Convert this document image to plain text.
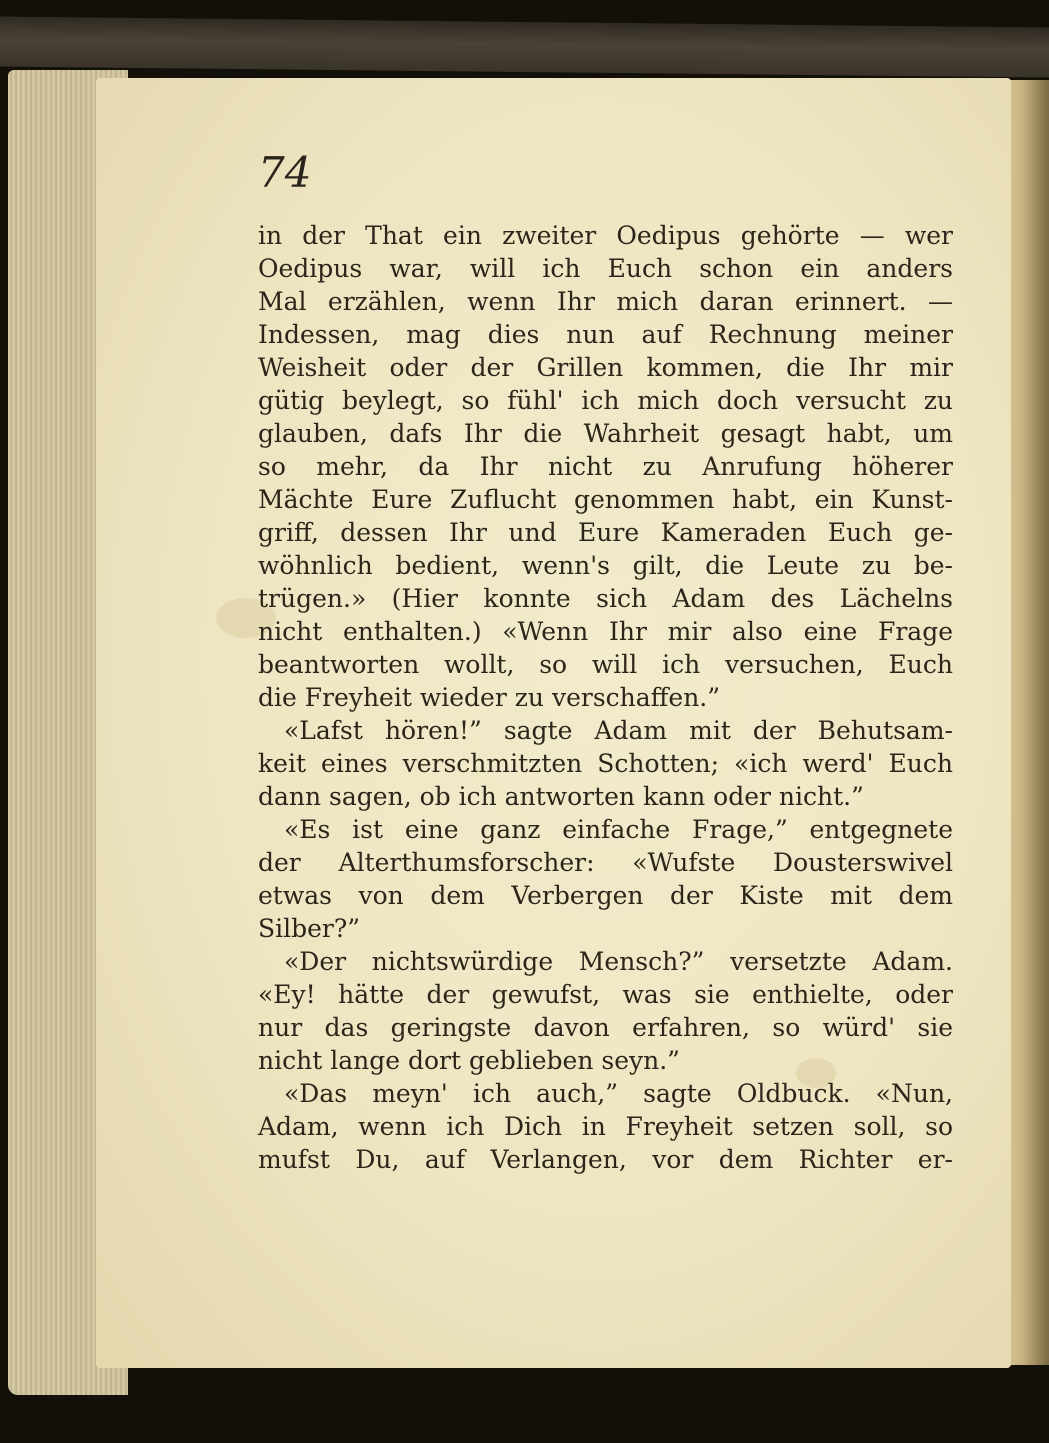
74
in der That ein zweiter Oedipus gehörte — wer
Oedipus war, will ich Euch schon ein anders
Mal erzählen, wenn Ihr mich daran erinnert. —
Indessen, mag dies nun auf Rechnung meiner
Weisheit oder der Grillen kommen, die Ihr mir
gütig beylegt, so fühl' ich mich doch versucht zu
glauben, dafs Ihr die Wahrheit gesagt habt, um
so mehr, da Ihr nicht zu Anrufung höherer
Mächte Eure Zuflucht genommen habt, ein Kunst-
griff, dessen Ihr und Eure Kameraden Euch ge-
wöhnlich bedient, wenn's gilt, die Leute zu be-
trügen.» (Hier konnte sich Adam des Lächelns
nicht enthalten.) «Wenn Ihr mir also eine Frage
beantworten wollt, so will ich versuchen, Euch
die Freyheit wieder zu verschaffen.”
«Lafst hören!” sagte Adam mit der Behutsam-
keit eines verschmitzten Schotten; «ich werd' Euch
dann sagen, ob ich antworten kann oder nicht.”
«Es ist eine ganz einfache Frage,” entgegnete
der Alterthumsforscher: «Wufste Dousterswivel
etwas von dem Verbergen der Kiste mit dem
Silber?”
«Der nichtswürdige Mensch?” versetzte Adam.
«Ey! hätte der gewufst, was sie enthielte, oder
nur das geringste davon erfahren, so würd' sie
nicht lange dort geblieben seyn.”
«Das meyn' ich auch,” sagte Oldbuck. «Nun,
Adam, wenn ich Dich in Freyheit setzen soll, so
mufst Du, auf Verlangen, vor dem Richter er-
